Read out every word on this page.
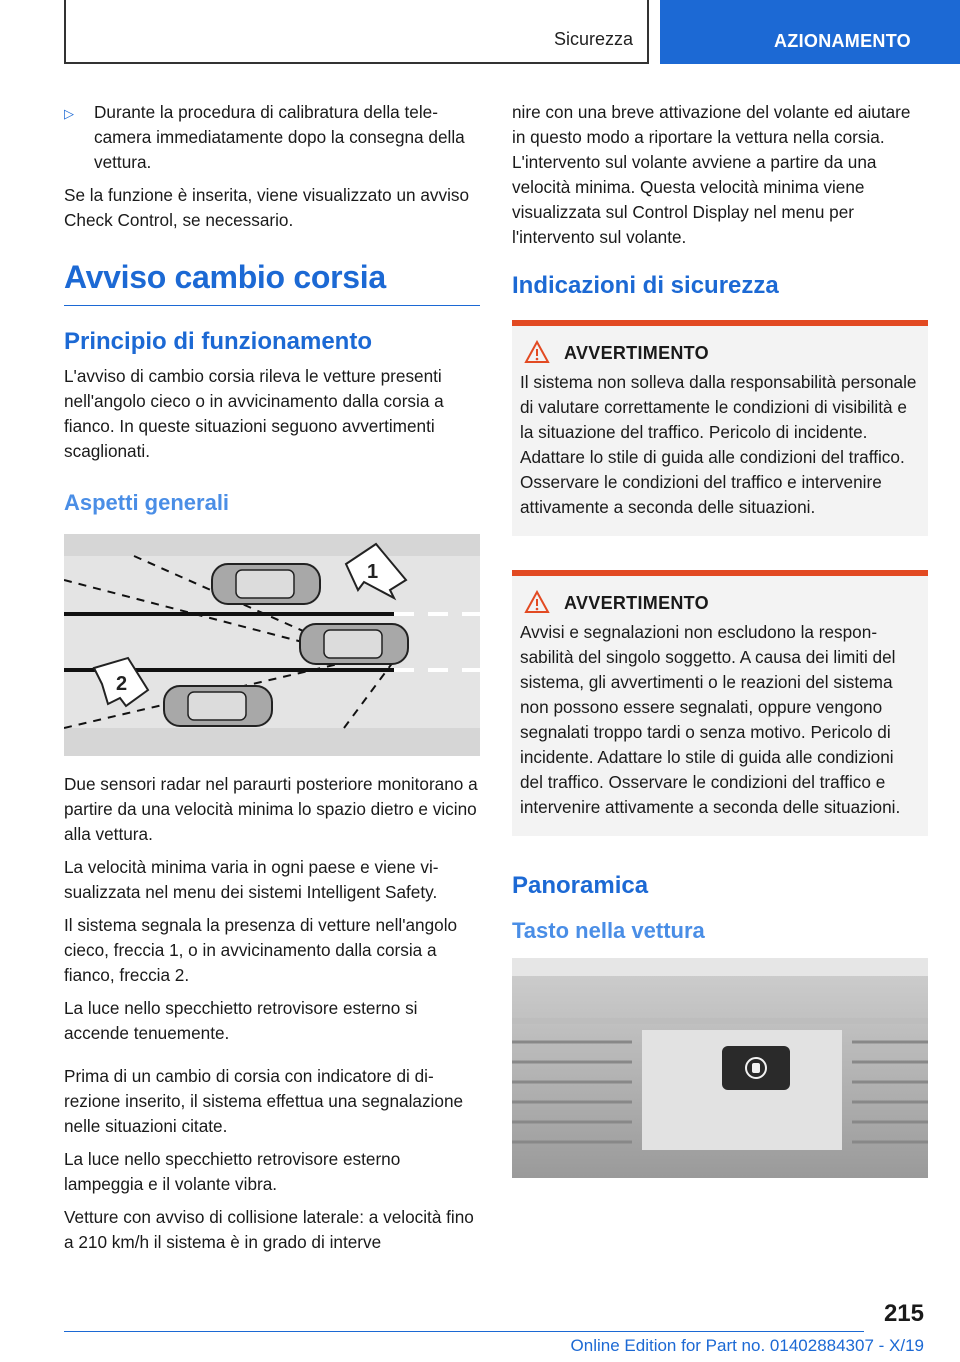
Sicurezza	AZIONAMENTO

▷ Durante la procedura di calibratura della telecamera immediatamente dopo la consegna della vettura.

Se la funzione è inserita, viene visualizzato un avviso Check Control, se necessario.

Avviso cambio corsia
Principio di funzionamento

L'avviso di cambio corsia rileva le vetture presenti nell'angolo cieco o in avvicinamento dalla corsia a fianco. In queste situazioni seguono avvertimenti scaglionati.

Aspetti generali
1
2

Due sensori radar nel paraurti posteriore monitorano a partire da una velocità minima lo spazio dietro e vicino alla vettura.

La velocità minima varia in ogni paese e viene visualizzata nel menu dei sistemi Intelligent Safety.

Il sistema segnala la presenza di vetture nell'angolo cieco, freccia 1, o in avvicinamento dalla corsia a fianco, freccia 2.

La luce nello specchietto retrovisore esterno si accende tenuemente.

Prima di un cambio di corsia con indicatore di direzione inserito, il sistema effettua una segnalazione nelle situazioni citate.

La luce nello specchietto retrovisore esterno lampeggia e il volante vibra.

Vetture con avviso di collisione laterale: a velocità fino a 210 km/h il sistema è in grado di interve

nire con una breve attivazione del volante ed aiutare in questo modo a riportare la vettura nella corsia. L'intervento sul volante avviene a partire da una velocità minima. Questa velocità minima viene visualizzata sul Control Display nel menu per l'intervento sul volante.

Indicazioni di sicurezza
AVVERTIMENTO

Il sistema non solleva dalla responsabilità personale di valutare correttamente le condizioni di visibilità e la situazione del traffico. Pericolo di incidente. Adattare lo stile di guida alle condizioni del traffico. Osservare le condizioni del traffico e intervenire attivamente a seconda delle situazioni.

AVVERTIMENTO

Avvisi e segnalazioni non escludono la responsabilità del singolo soggetto. A causa dei limiti del sistema, gli avvertimenti o le reazioni del sistema non possono essere segnalati, oppure vengono segnalati troppo tardi o senza motivo. Pericolo di incidente. Adattare lo stile di guida alle condizioni del traffico. Osservare le condizioni del traffico e intervenire attivamente a seconda delle situazioni.

Panoramica
Tasto nella vettura
215
Online Edition for Part no. 01402884307 - X/19
